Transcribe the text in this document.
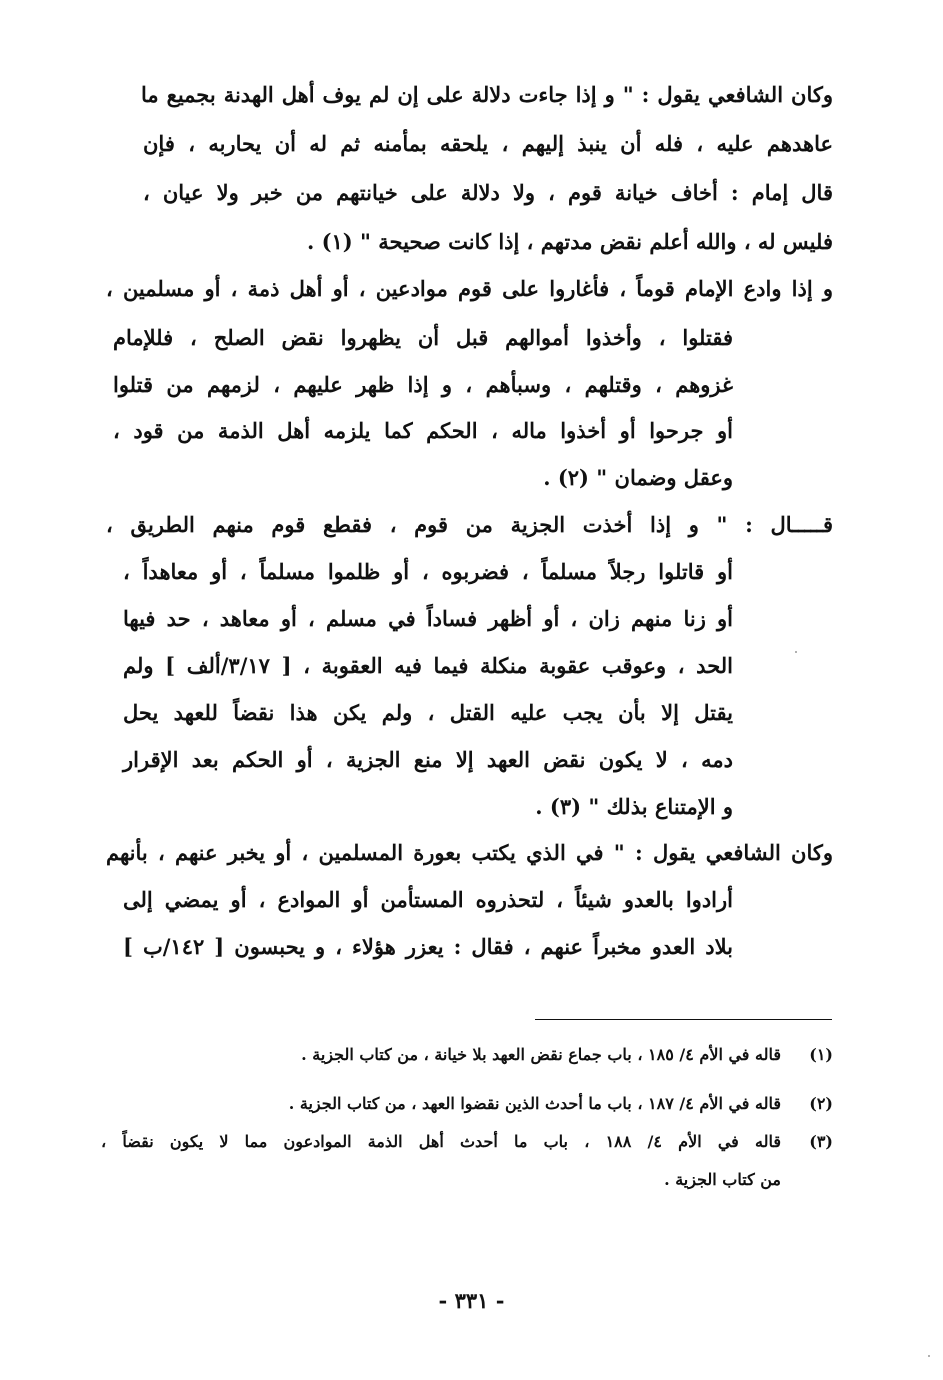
وكان الشافعي يقول : " و إذا جاءت دلالة على إن لم يوف أهل الهدنة بجميع ما
عاهدهم عليه ، فله أن ينبذ إليهم ، يلحقه بمأمنه ثم له أن يحاربه ، فإن
قال إمام : أخاف خيانة قوم ، ولا دلالة على خيانتهم من خبر ولا عيان ،
فليس له ، والله أعلم نقض مدتهم ، إذا كانت صحيحة " (١) .
و إذا وادع الإمام قوماً ، فأغاروا على قوم موادعين ، أو أهل ذمة ، أو مسلمين ،
فقتلوا ، وأخذوا أموالهم قبل أن يظهروا نقض الصلح ، فللإمام
غزوهم ، وقتلهم ، وسبأهم ، و إذا ظهر عليهم ، لزمهم من قتلوا
أو جرحوا أو أخذوا ماله ، الحكم كما يلزمه أهل الذمة من قود ،
وعقل وضمان " (٢) .
قـــــال : " و إذا أخذت الجزية من قوم ، فقطع قوم منهم الطريق ،
أو قاتلوا رجلاً مسلماً ، فضربوه ، أو ظلموا مسلماً ، أو معاهداً ،
أو زنا منهم زان ، أو أظهر فساداً في مسلم ، أو معاهد ، حد فيها
الحد ، وعوقب عقوبة منكلة فيما فيه العقوبة ، [ ٣/١٧/ألف ] ولم
يقتل إلا بأن يجب عليه القتل ، ولم يكن هذا نقضاً للعهد يحل
دمه ، لا يكون نقض العهد إلا منع الجزية ، أو الحكم بعد الإقرار
و الإمتناع بذلك " (٣) .
وكان الشافعي يقول : " في الذي يكتب بعورة المسلمين ، أو يخبر عنهم ، بأنهم
أرادوا بالعدو شيئاً ، لتحذروه المستأمن أو الموادع ، أو يمضي إلى
بلاد العدو مخبراً عنهم ، فقال : يعزر هؤلاء ، و يحبسون [ ١٤٢/ب ]
(١)
قاله في الأم ٤/ ١٨٥ ، باب جماع نقض العهد بلا خيانة ، من كتاب الجزية .
(٢)
قاله في الأم ٤/ ١٨٧ ، باب ما أحدث الذين نقضوا العهد ، من كتاب الجزية .
(٣)
قاله في الأم ٤/ ١٨٨ ، باب ما أحدث أهل الذمة الموادعون مما لا يكون نقضاً ،
من كتاب الجزية .
- ٣٣١ -
